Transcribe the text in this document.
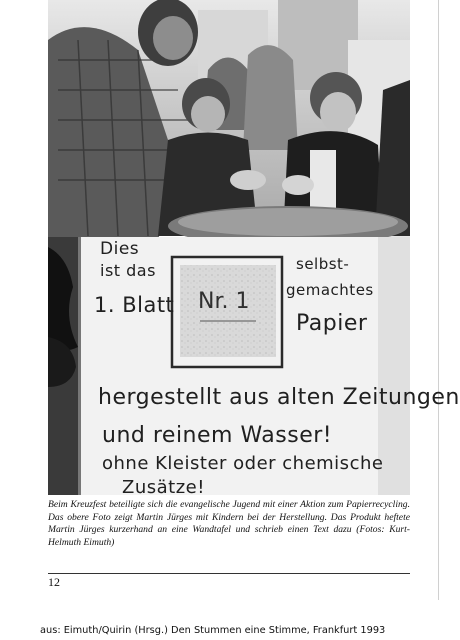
Nr. 1
Dies
ist das
1. Blatt
selbst-
gemachtes
Papier
hergestellt aus alten Zeitungen
und reinem Wasser!
ohne Kleister oder chemische
Zusätze!

Beim Kreuzfest beteiligte sich die evangelische Jugend mit einer Aktion zum Papierrecycling. Das obere Foto zeigt Martin Jürges mit Kindern bei der Herstellung. Das Produkt heftete Martin Jürges kurzerhand an eine Wandtafel und schrieb einen Text dazu (Fotos: Kurt-Helmuth Eimuth)

12
aus: Eimuth/Quirin (Hrsg.) Den Stummen eine Stimme, Frankfurt 1993
